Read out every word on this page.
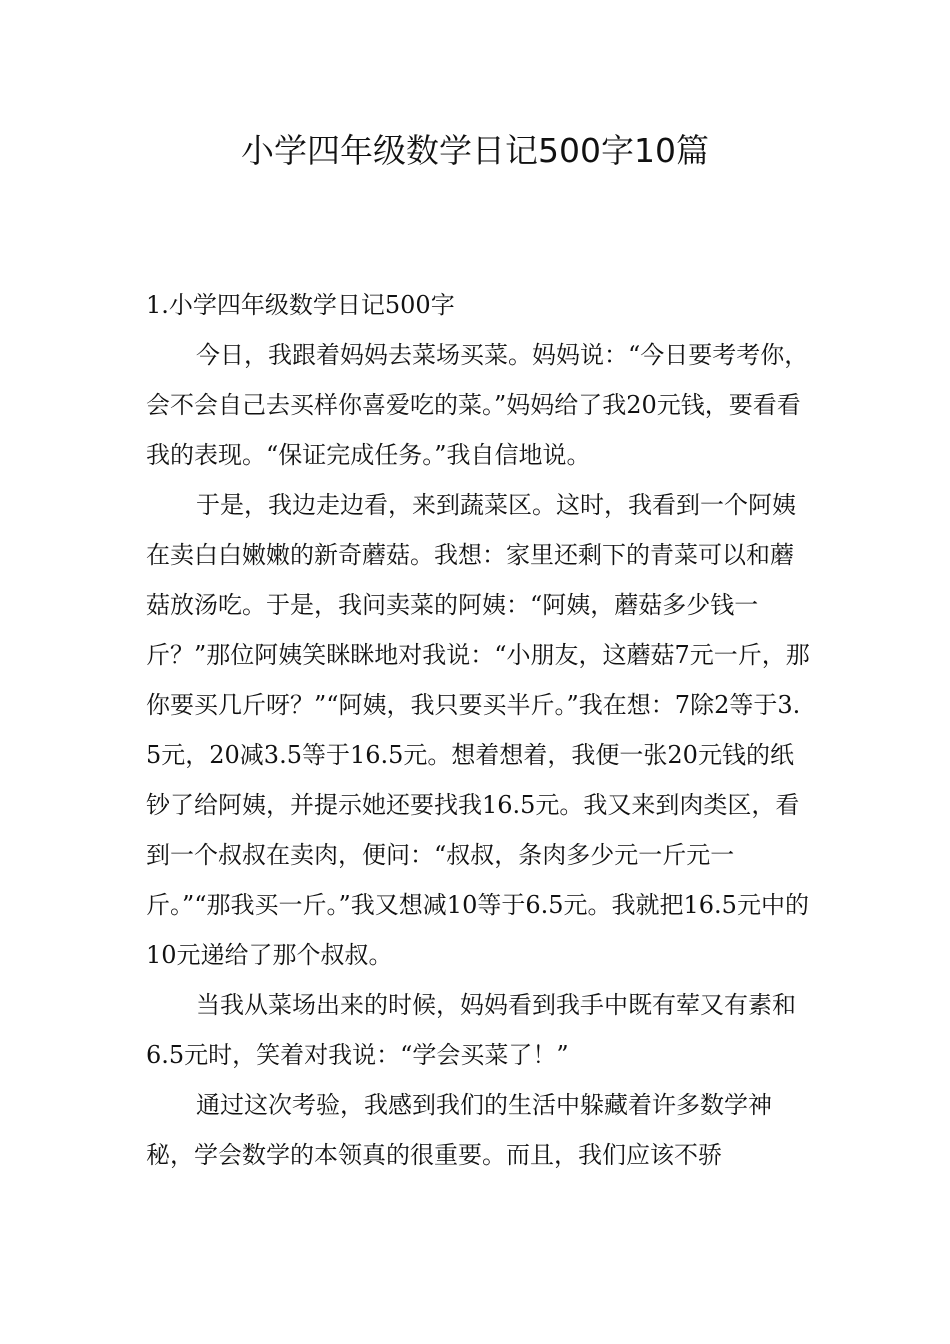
小学四年级数学日记500字10篇
1.小学四年级数学日记500字

今日，我跟着妈妈去菜场买菜。妈妈说：“今日要考考你，会不会自己去买样你喜爱吃的菜。”妈妈给了我20元钱，要看看我的表现。“保证完成任务。”我自信地说。

于是，我边走边看，来到蔬菜区。这时，我看到一个阿姨在卖白白嫩嫩的新奇蘑菇。我想：家里还剩下的青菜可以和蘑菇放汤吃。于是，我问卖菜的阿姨：“阿姨，蘑菇多少钱一斤？”那位阿姨笑眯眯地对我说：“小朋友，这蘑菇7元一斤，那你要买几斤呀？”“阿姨，我只要买半斤。”我在想：7除2等于3.5元，20减3.5等于16.5元。想着想着，我便一张20元钱的纸钞了给阿姨，并提示她还要找我16.5元。我又来到肉类区，看到一个叔叔在卖肉，便问：“叔叔，条肉多少元一斤元一斤。”“那我买一斤。”我又想减10等于6.5元。我就把16.5元中的10元递给了那个叔叔。

当我从菜场出来的时候，妈妈看到我手中既有荤又有素和6.5元时，笑着对我说：“学会买菜了！”

通过这次考验，我感到我们的生活中躲藏着许多数学神秘，学会数学的本领真的很重要。而且，我们应该不骄
